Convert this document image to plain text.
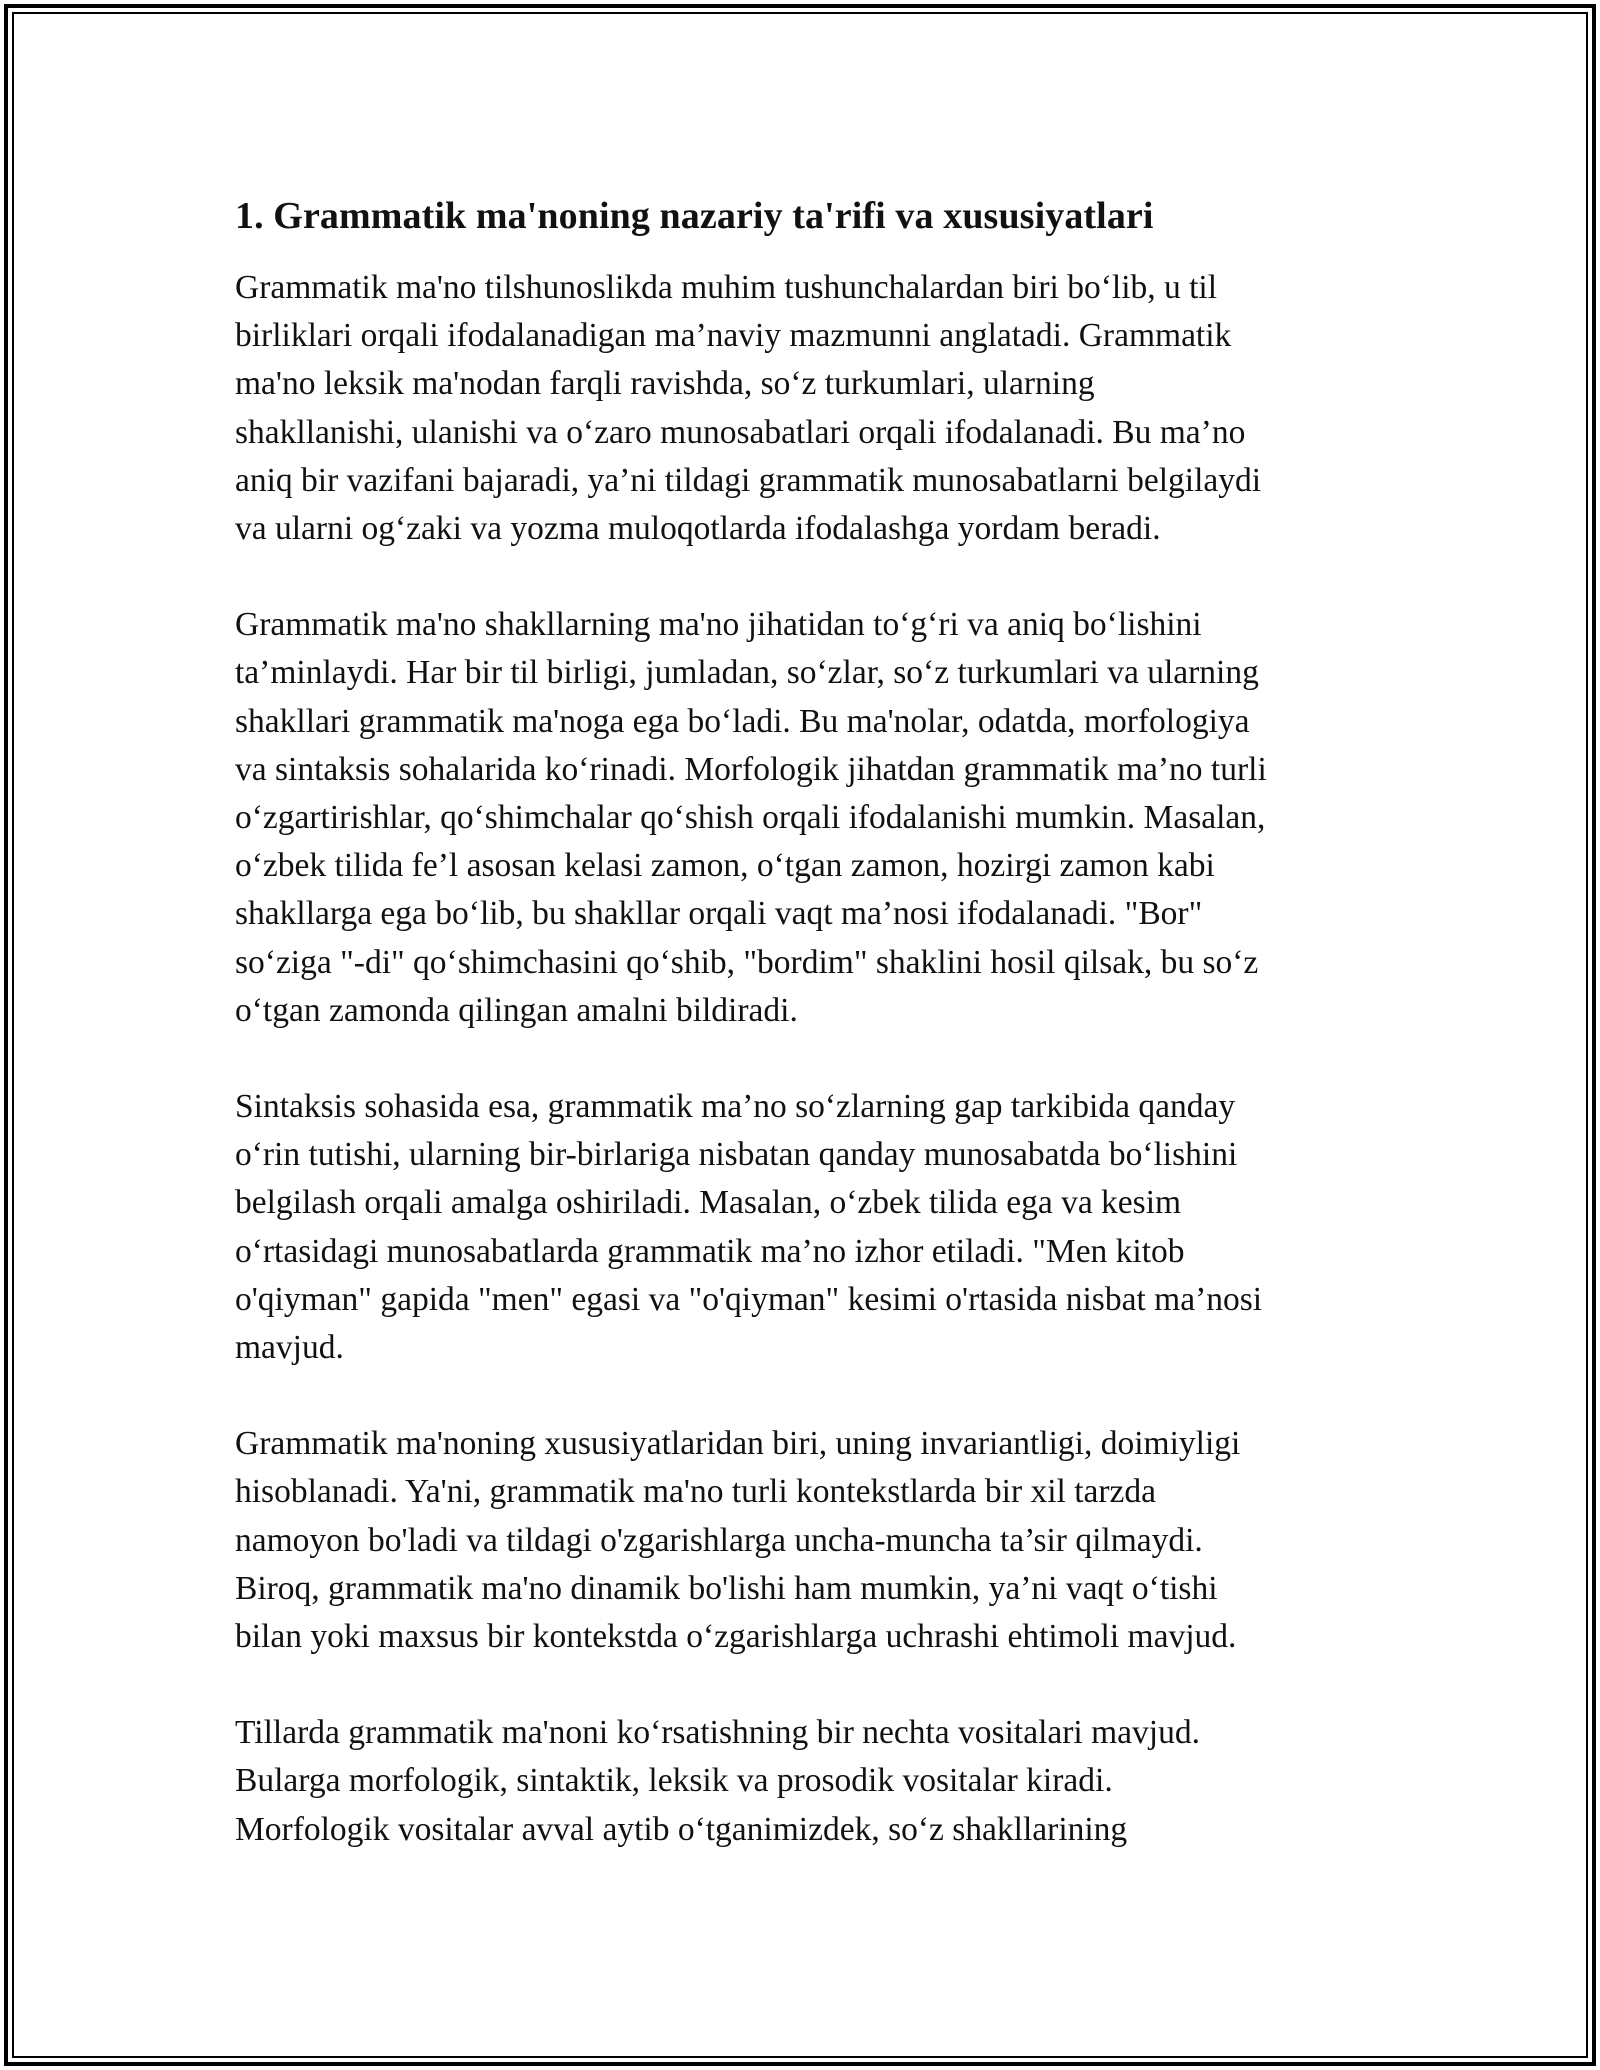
1. Grammatik ma'noning nazariy ta'rifi va xususiyatlari

Grammatik ma'no tilshunoslikda muhim tushunchalardan biri bo‘lib, u til
birliklari orqali ifodalanadigan ma’naviy mazmunni anglatadi. Grammatik
ma'no leksik ma'nodan farqli ravishda, so‘z turkumlari, ularning
shakllanishi, ulanishi va o‘zaro munosabatlari orqali ifodalanadi. Bu ma’no
aniq bir vazifani bajaradi, ya’ni tildagi grammatik munosabatlarni belgilaydi
va ularni og‘zaki va yozma muloqotlarda ifodalashga yordam beradi.

Grammatik ma'no shakllarning ma'no jihatidan to‘g‘ri va aniq bo‘lishini
ta’minlaydi. Har bir til birligi, jumladan, so‘zlar, so‘z turkumlari va ularning
shakllari grammatik ma'noga ega bo‘ladi. Bu ma'nolar, odatda, morfologiya
va sintaksis sohalarida ko‘rinadi. Morfologik jihatdan grammatik ma’no turli
o‘zgartirishlar, qo‘shimchalar qo‘shish orqali ifodalanishi mumkin. Masalan,
o‘zbek tilida fe’l asosan kelasi zamon, o‘tgan zamon, hozirgi zamon kabi
shakllarga ega bo‘lib, bu shakllar orqali vaqt ma’nosi ifodalanadi. "Bor"
so‘ziga "-di" qo‘shimchasini qo‘shib, "bordim" shaklini hosil qilsak, bu so‘z
o‘tgan zamonda qilingan amalni bildiradi.

Sintaksis sohasida esa, grammatik ma’no so‘zlarning gap tarkibida qanday
o‘rin tutishi, ularning bir-birlariga nisbatan qanday munosabatda bo‘lishini
belgilash orqali amalga oshiriladi. Masalan, o‘zbek tilida ega va kesim
o‘rtasidagi munosabatlarda grammatik ma’no izhor etiladi. "Men kitob
o'qiyman" gapida "men" egasi va "o'qiyman" kesimi o'rtasida nisbat ma’nosi
mavjud.

Grammatik ma'noning xususiyatlaridan biri, uning invariantligi, doimiyligi
hisoblanadi. Ya'ni, grammatik ma'no turli kontekstlarda bir xil tarzda
namoyon bo'ladi va tildagi o'zgarishlarga uncha-muncha ta’sir qilmaydi.
Biroq, grammatik ma'no dinamik bo'lishi ham mumkin, ya’ni vaqt o‘tishi
bilan yoki maxsus bir kontekstda o‘zgarishlarga uchrashi ehtimoli mavjud.

Tillarda grammatik ma'noni ko‘rsatishning bir nechta vositalari mavjud.
Bularga morfologik, sintaktik, leksik va prosodik vositalar kiradi.
Morfologik vositalar avval aytib o‘tganimizdek, so‘z shakllarining
